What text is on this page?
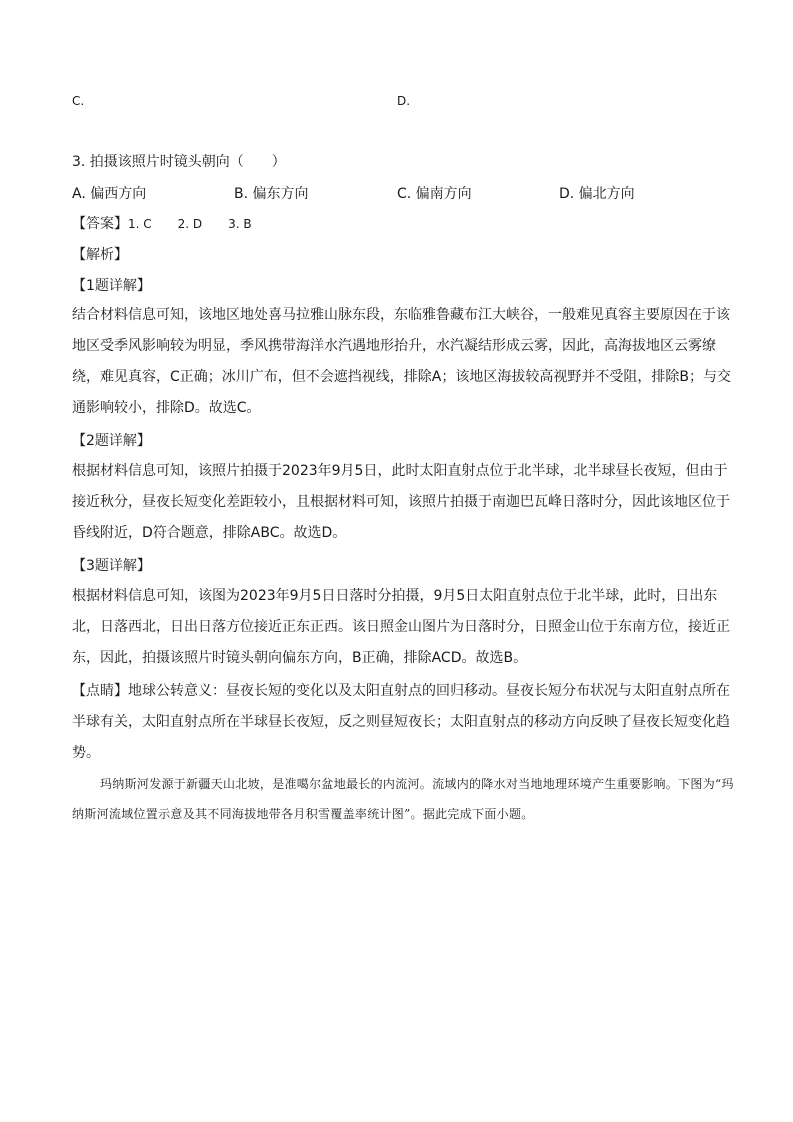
C.	D.
3. 拍摄该照片时镜头朝向（　　）
A. 偏西方向	B. 偏东方向	C. 偏南方向	D. 偏北方向
【答案】1. C 2. D 3. B
【解析】
【1题详解】
结合材料信息可知，该地区地处喜马拉雅山脉东段，东临雅鲁藏布江大峡谷，一般难见真容主要原因在于该地区受季风影响较为明显，季风携带海洋水汽遇地形抬升，水汽凝结形成云雾，因此，高海拔地区云雾缭绕，难见真容，C正确；冰川广布，但不会遮挡视线，排除A；该地区海拔较高视野并不受阻，排除B；与交通影响较小，排除D。故选C。
【2题详解】
根据材料信息可知，该照片拍摄于2023年9月5日，此时太阳直射点位于北半球，北半球昼长夜短，但由于接近秋分，昼夜长短变化差距较小，且根据材料可知，该照片拍摄于南迦巴瓦峰日落时分，因此该地区位于昏线附近，D符合题意，排除ABC。故选D。
【3题详解】
根据材料信息可知，该图为2023年9月5日日落时分拍摄，9月5日太阳直射点位于北半球，此时，日出东北，日落西北，日出日落方位接近正东正西。该日照金山图片为日落时分，日照金山位于东南方位，接近正东，因此，拍摄该照片时镜头朝向偏东方向，B正确，排除ACD。故选B。
【点睛】地球公转意义：昼夜长短的变化以及太阳直射点的回归移动。昼夜长短分布状况与太阳直射点所在半球有关，太阳直射点所在半球昼长夜短，反之则昼短夜长；太阳直射点的移动方向反映了昼夜长短变化趋势。
玛纳斯河发源于新疆天山北坡，是准噶尔盆地最长的内流河。流域内的降水对当地地理环境产生重要影响。下图为“玛纳斯河流域位置示意及其不同海拔地带各月积雪覆盖率统计图”。据此完成下面小题。
